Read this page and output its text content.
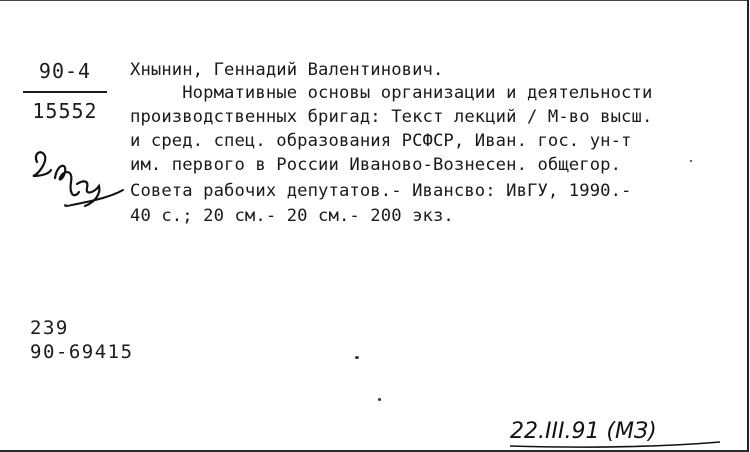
90-4
15552
Хнынин, Геннадий Валентинович.
Нормативные основы организации и деятельности
производственных бригад: Текст лекций / М-во высш.
и сред. спец. образования РСФСР, Иван. гос. ун-т
им. первого в России Иваново-Вознесен. общегор.
Совета рабочих депутатов.- Ивансво: ИвГУ, 1990.-
40 с.; 20 см.- 20 см.- 200 экз.
239
90-69415
22.III.91 (МЗ)
